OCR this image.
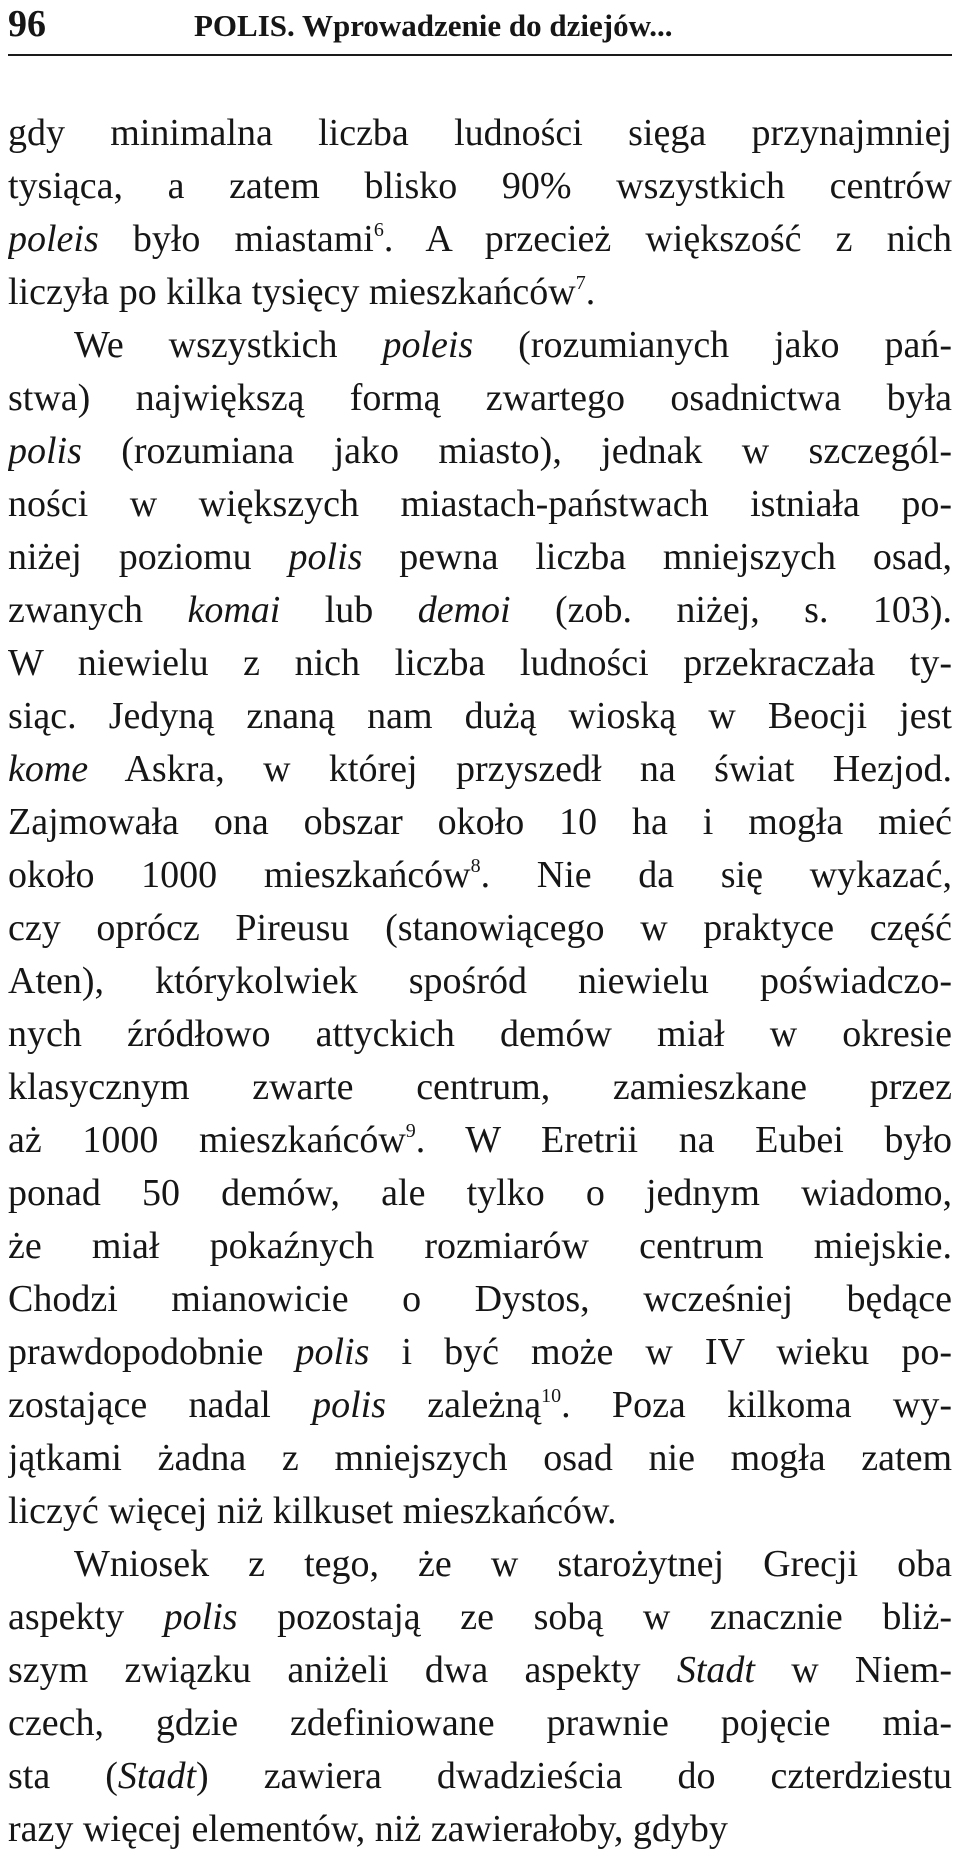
96	POLIS. Wprowadzenie do dziejów...
gdy minimalna liczba ludności sięga przynajmniej
tysiąca, a zatem blisko 90% wszystkich centrów
poleis było miastami$^6$. A przecież większość z nich
liczyła po kilka tysięcy mieszkańców$^7$.
We wszystkich poleis (rozumianych jako pań-
stwa) największą formą zwartego osadnictwa była
polis (rozumiana jako miasto), jednak w szczegól-
ności w większych miastach-państwach istniała po-
niżej poziomu polis pewna liczba mniejszych osad,
zwanych komai lub demoi (zob. niżej, s. 103).
W niewielu z nich liczba ludności przekraczała ty-
siąc. Jedyną znaną nam dużą wioską w Beocji jest
kome Askra, w której przyszedł na świat Hezjod.
Zajmowała ona obszar około 10 ha i mogła mieć
około 1000 mieszkańców$^8$. Nie da się wykazać,
czy oprócz Pireusu (stanowiącego w praktyce część
Aten), którykolwiek spośród niewielu poświadczo-
nych źródłowo attyckich demów miał w okresie
klasycznym zwarte centrum, zamieszkane przez
aż 1000 mieszkańców$^9$. W Eretrii na Eubei było
ponad 50 demów, ale tylko o jednym wiadomo,
że miał pokaźnych rozmiarów centrum miejskie.
Chodzi mianowicie o Dystos, wcześniej będące
prawdopodobnie polis i być może w IV wieku po-
zostające nadal polis zależną$^{10}$. Poza kilkoma wy-
jątkami żadna z mniejszych osad nie mogła zatem
liczyć więcej niż kilkuset mieszkańców.
Wniosek z tego, że w starożytnej Grecji oba
aspekty polis pozostają ze sobą w znacznie bliż-
szym związku aniżeli dwa aspekty Stadt w Niem-
czech, gdzie zdefiniowane prawnie pojęcie mia-
sta (Stadt) zawiera dwadzieścia do czterdziestu
razy więcej elementów, niż zawierałoby, gdyby
